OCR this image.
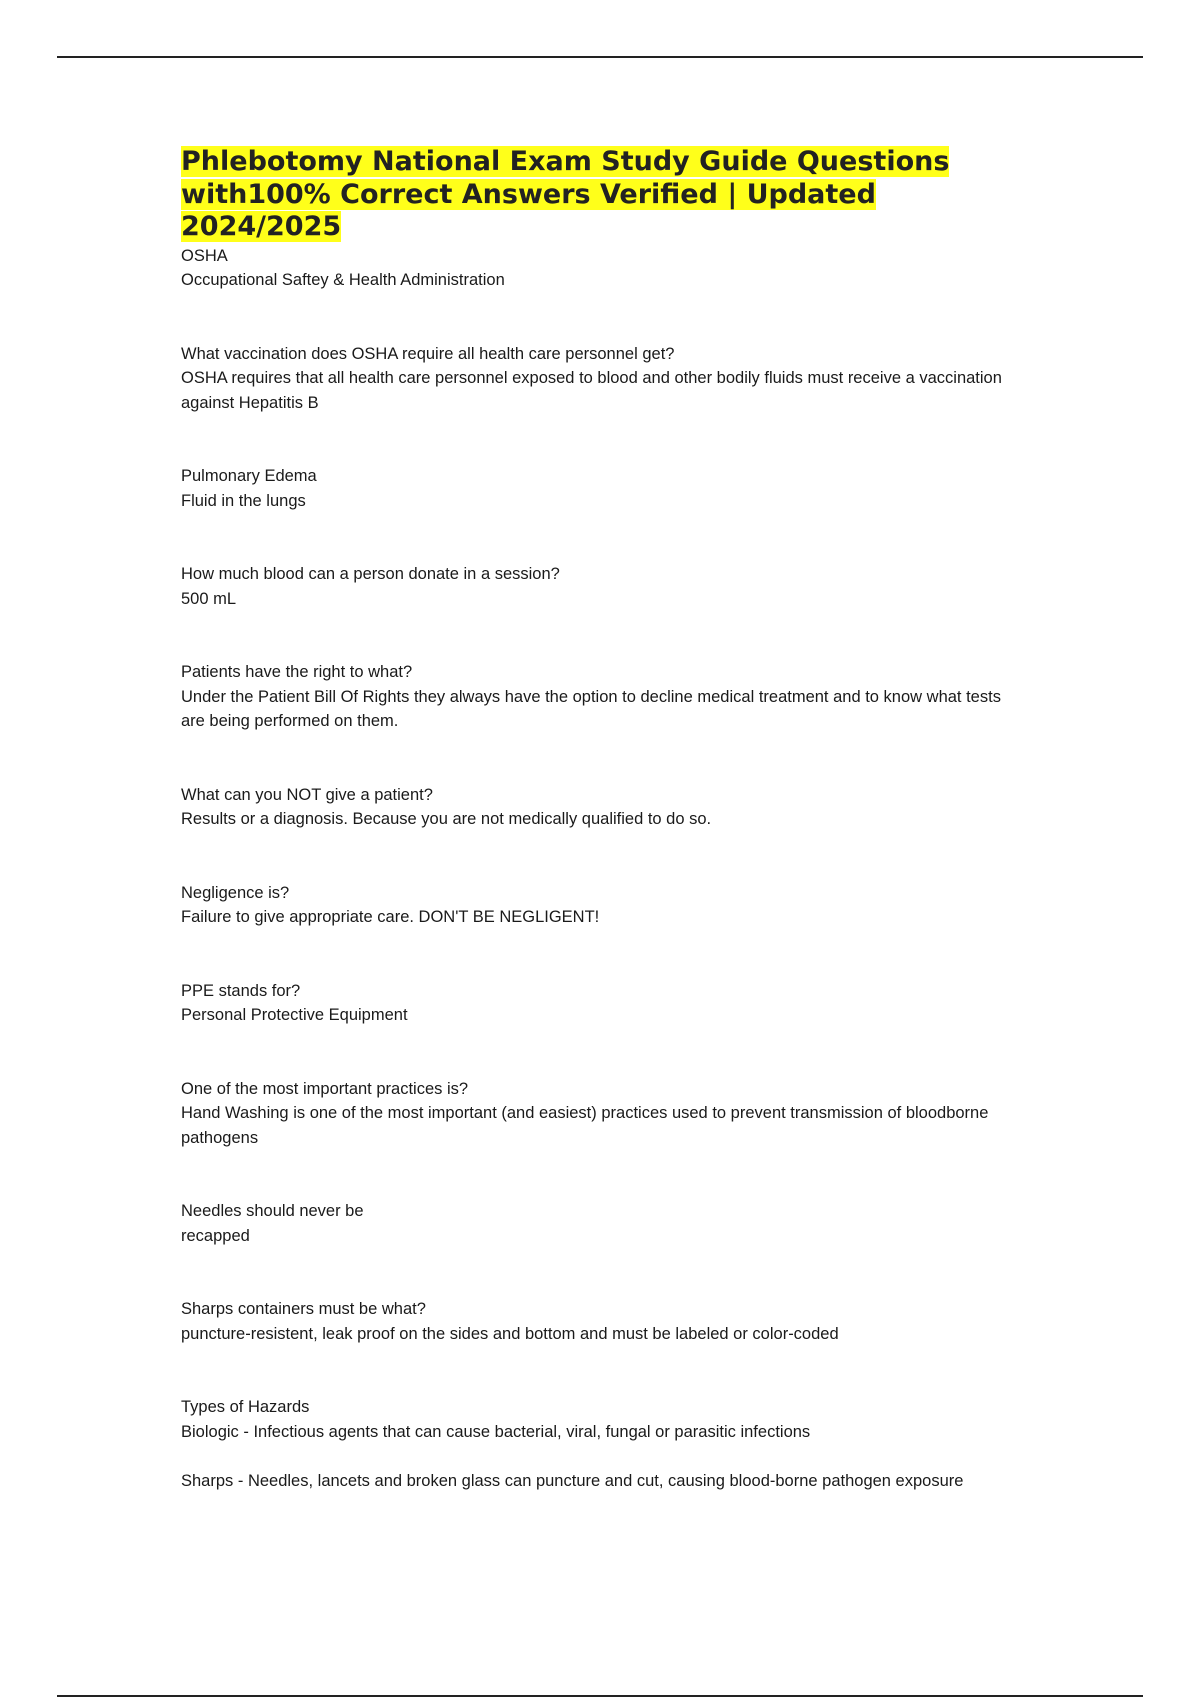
Phlebotomy National Exam Study Guide Questions with100% Correct Answers Verified | Updated 2024/2025
OSHA
Occupational Saftey & Health Administration
What vaccination does OSHA require all health care personnel get?
OSHA requires that all health care personnel exposed to blood and other bodily fluids must receive a vaccination against Hepatitis B
Pulmonary Edema
Fluid in the lungs
How much blood can a person donate in a session?
500 mL
Patients have the right to what?
Under the Patient Bill Of Rights they always have the option to decline medical treatment and to know what tests are being performed on them.
What can you NOT give a patient?
Results or a diagnosis. Because you are not medically qualified to do so.
Negligence is?
Failure to give appropriate care. DON'T BE NEGLIGENT!
PPE stands for?
Personal Protective Equipment
One of the most important practices is?
Hand Washing is one of the most important (and easiest) practices used to prevent transmission of bloodborne pathogens
Needles should never be
recapped
Sharps containers must be what?
puncture-resistent, leak proof on the sides and bottom and must be labeled or color-coded
Types of Hazards
Biologic - Infectious agents that can cause bacterial, viral, fungal or parasitic infections
Sharps - Needles, lancets and broken glass can puncture and cut, causing blood-borne pathogen exposure
